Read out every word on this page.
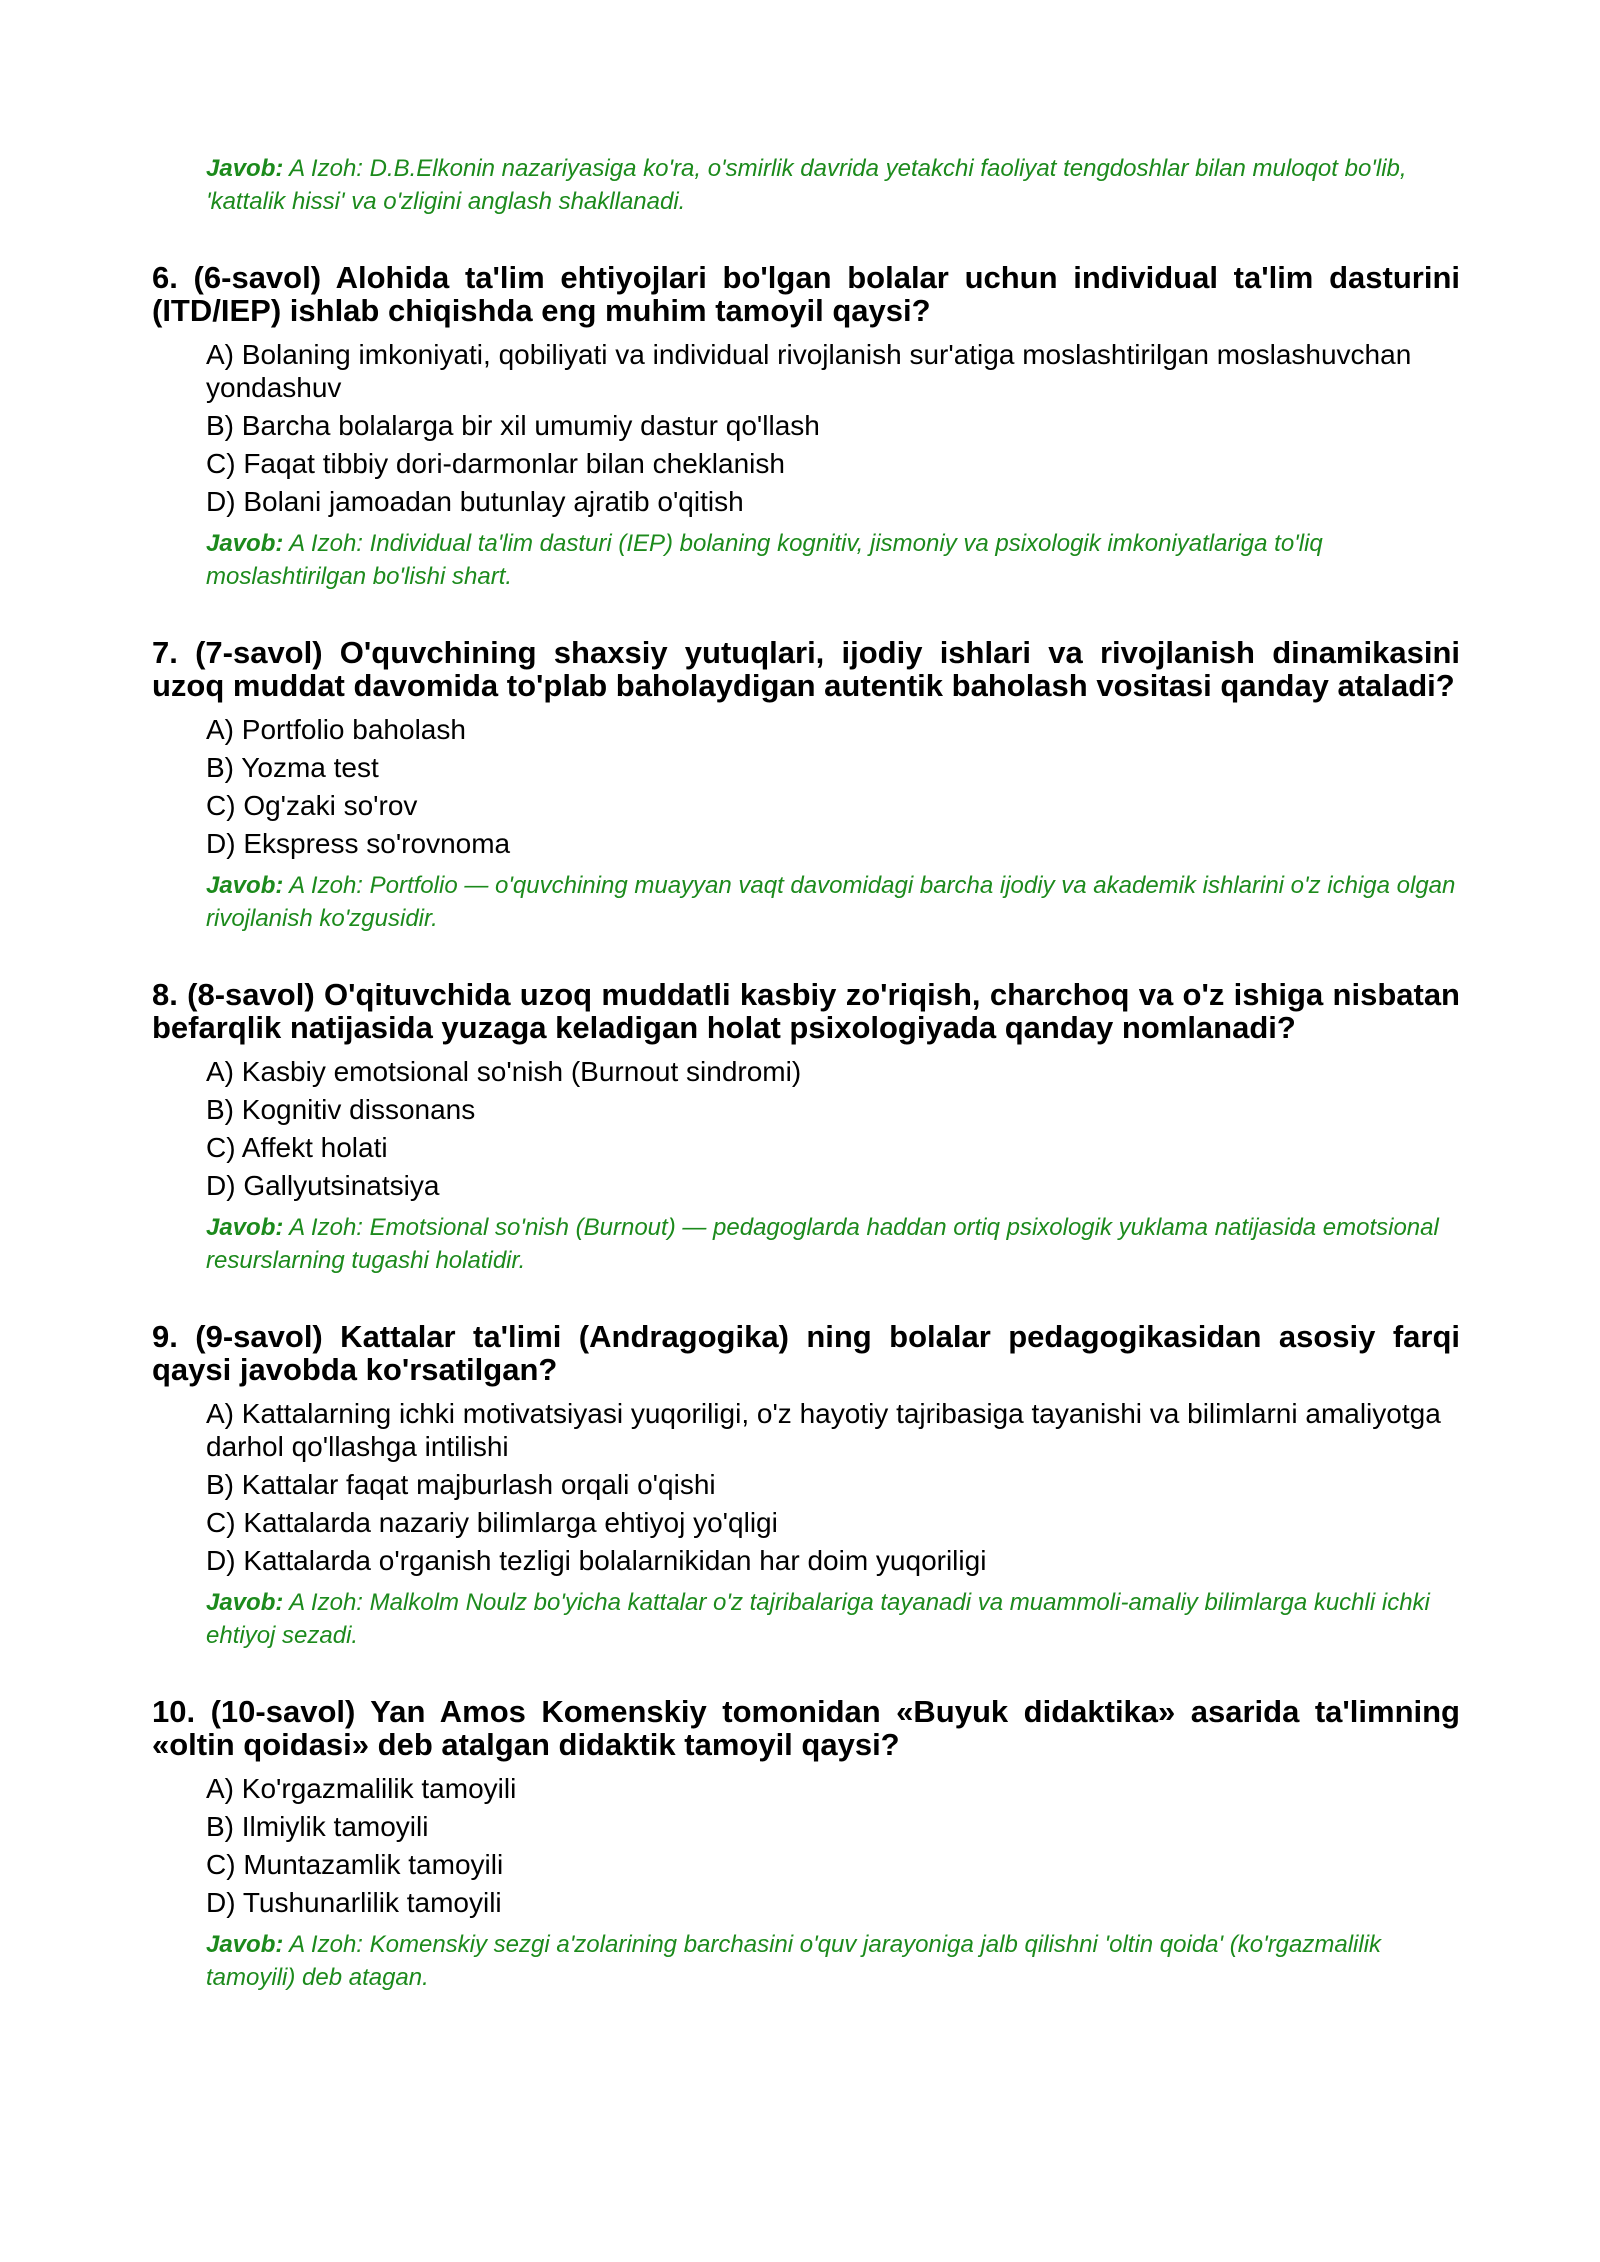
Javob: A Izoh: D.B.Elkonin nazariyasiga ko'ra, o'smirlik davrida yetakchi faoliyat tengdoshlar bilan muloqot bo'lib, 'kattalik hissi' va o'zligini anglash shakllanadi.

6. (6-savol) Alohida ta'lim ehtiyojlari bo'lgan bolalar uchun individual ta'lim dasturini (ITD/IEP) ishlab chiqishda eng muhim tamoyil qaysi?

A) Bolaning imkoniyati, qobiliyati va individual rivojlanish sur'atiga moslashtirilgan moslashuvchan yondashuv
B) Barcha bolalarga bir xil umumiy dastur qo'llash
C) Faqat tibbiy dori-darmonlar bilan cheklanish
D) Bolani jamoadan butunlay ajratib o'qitish
Javob: A Izoh: Individual ta'lim dasturi (IEP) bolaning kognitiv, jismoniy va psixologik imkoniyatlariga to'liq moslashtirilgan bo'lishi shart.

7. (7-savol) O'quvchining shaxsiy yutuqlari, ijodiy ishlari va rivojlanish dinamikasini uzoq muddat davomida to'plab baholaydigan autentik baholash vositasi qanday ataladi?

A) Portfolio baholash
B) Yozma test
C) Og'zaki so'rov
D) Ekspress so'rovnoma
Javob: A Izoh: Portfolio — o'quvchining muayyan vaqt davomidagi barcha ijodiy va akademik ishlarini o'z ichiga olgan rivojlanish ko'zgusidir.

8. (8-savol) O'qituvchida uzoq muddatli kasbiy zo'riqish, charchoq va o'z ishiga nisbatan befarqlik natijasida yuzaga keladigan holat psixologiyada qanday nomlanadi?

A) Kasbiy emotsional so'nish (Burnout sindromi)
B) Kognitiv dissonans
C) Affekt holati
D) Gallyutsinatsiya
Javob: A Izoh: Emotsional so'nish (Burnout) — pedagoglarda haddan ortiq psixologik yuklama natijasida emotsional resurslarning tugashi holatidir.

9. (9-savol) Kattalar ta'limi (Andragogika) ning bolalar pedagogikasidan asosiy farqi qaysi javobda ko'rsatilgan?

A) Kattalarning ichki motivatsiyasi yuqoriligi, o'z hayotiy tajribasiga tayanishi va bilimlarni amaliyotga darhol qo'llashga intilishi
B) Kattalar faqat majburlash orqali o'qishi
C) Kattalarda nazariy bilimlarga ehtiyoj yo'qligi
D) Kattalarda o'rganish tezligi bolalarnikidan har doim yuqoriligi
Javob: A Izoh: Malkolm Noulz bo'yicha kattalar o'z tajribalariga tayanadi va muammoli-amaliy bilimlarga kuchli ichki ehtiyoj sezadi.

10. (10-savol) Yan Amos Komenskiy tomonidan «Buyuk didaktika» asarida ta'limning «oltin qoidasi» deb atalgan didaktik tamoyil qaysi?

A) Ko'rgazmalilik tamoyili
B) Ilmiylik tamoyili
C) Muntazamlik tamoyili
D) Tushunarlilik tamoyili
Javob: A Izoh: Komenskiy sezgi a'zolarining barchasini o'quv jarayoniga jalb qilishni 'oltin qoida' (ko'rgazmalilik tamoyili) deb atagan.
